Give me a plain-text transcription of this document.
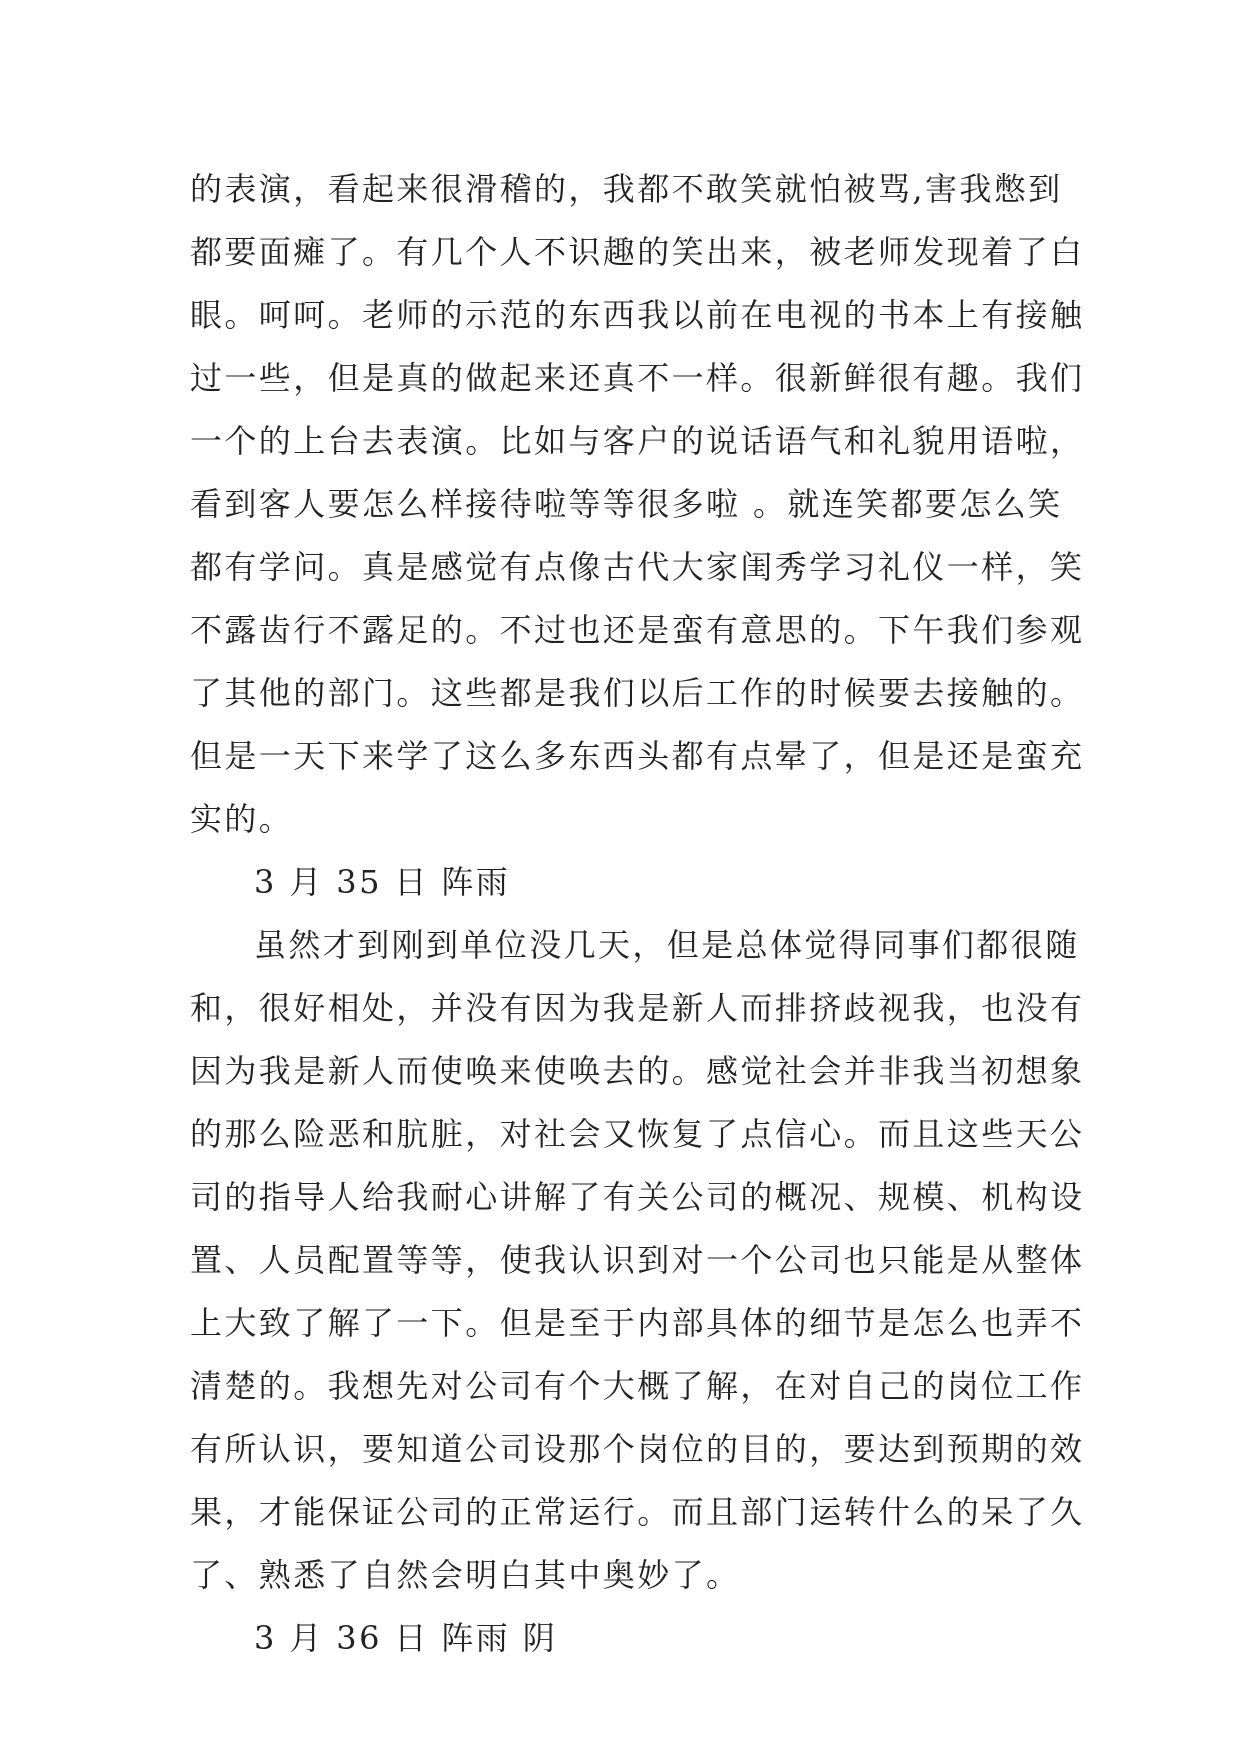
的表演，看起来很滑稽的，我都不敢笑就怕被骂,害我憋到
都要面瘫了。有几个人不识趣的笑出来，被老师发现着了白
眼。呵呵。老师的示范的东西我以前在电视的书本上有接触
过一些，但是真的做起来还真不一样。很新鲜很有趣。我们
一个的上台去表演。比如与客户的说话语气和礼貌用语啦，
看到客人要怎么样接待啦等等很多啦 。就连笑都要怎么笑
都有学问。真是感觉有点像古代大家闺秀学习礼仪一样，笑
不露齿行不露足的。不过也还是蛮有意思的。下午我们参观
了其他的部门。这些都是我们以后工作的时候要去接触的。
但是一天下来学了这么多东西头都有点晕了，但是还是蛮充
实的。
3 月 35 日 阵雨
虽然才到刚到单位没几天，但是总体觉得同事们都很随
和，很好相处，并没有因为我是新人而排挤歧视我，也没有
因为我是新人而使唤来使唤去的。感觉社会并非我当初想象
的那么险恶和肮脏，对社会又恢复了点信心。而且这些天公
司的指导人给我耐心讲解了有关公司的概况、规模、机构设
置、人员配置等等，使我认识到对一个公司也只能是从整体
上大致了解了一下。但是至于内部具体的细节是怎么也弄不
清楚的。我想先对公司有个大概了解，在对自己的岗位工作
有所认识，要知道公司设那个岗位的目的，要达到预期的效
果，才能保证公司的正常运行。而且部门运转什么的呆了久
了、熟悉了自然会明白其中奥妙了。
3 月 36 日 阵雨 阴
